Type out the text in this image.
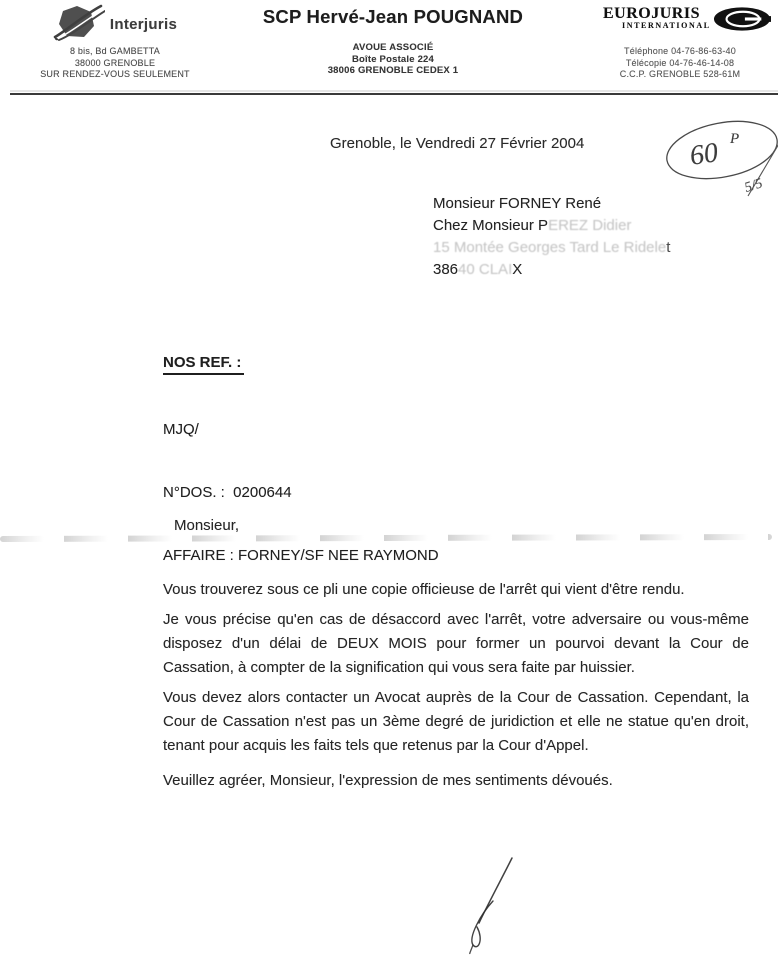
Interjuris
8 bis, Bd GAMBETTA
38000 GRENOBLE
SUR RENDEZ-VOUS SEULEMENT
SCP Hervé-Jean POUGNAND
AVOUE ASSOCIÉ
Boîte Postale 224
38006 GRENOBLE CEDEX 1
EUROJURIS
INTERNATIONAL
Téléphone 04-76-86-63-40
Télécopie 04-76-46-14-08
C.C.P. GRENOBLE 528-61M
60 P
5/5
Grenoble, le Vendredi 27 Février 2004
Monsieur FORNEY René
Chez Monsieur PEREZ Didier
15 Montée Georges Tard Le Ridelet
38640 CLAIX

NOS REF. :

MJQ/

N°DOS. :  0200644

AFFAIRE : FORNEY/SF NEE RAYMOND

Monsieur,

Vous trouverez sous ce pli une copie officieuse de l'arrêt qui vient d'être rendu.

Je vous précise qu'en cas de désaccord avec l'arrêt, votre adversaire ou vous-même disposez d'un délai de DEUX MOIS pour former un pourvoi devant la Cour de Cassation, à compter de la signification qui vous sera faite par huissier.

Vous devez alors contacter un Avocat auprès de la Cour de Cassation. Cependant, la Cour de Cassation n'est pas un 3ème degré de juridiction et elle ne statue qu'en droit, tenant pour acquis les faits tels que retenus par la Cour d'Appel.

Veuillez agréer, Monsieur, l'expression de mes sentiments dévoués.
